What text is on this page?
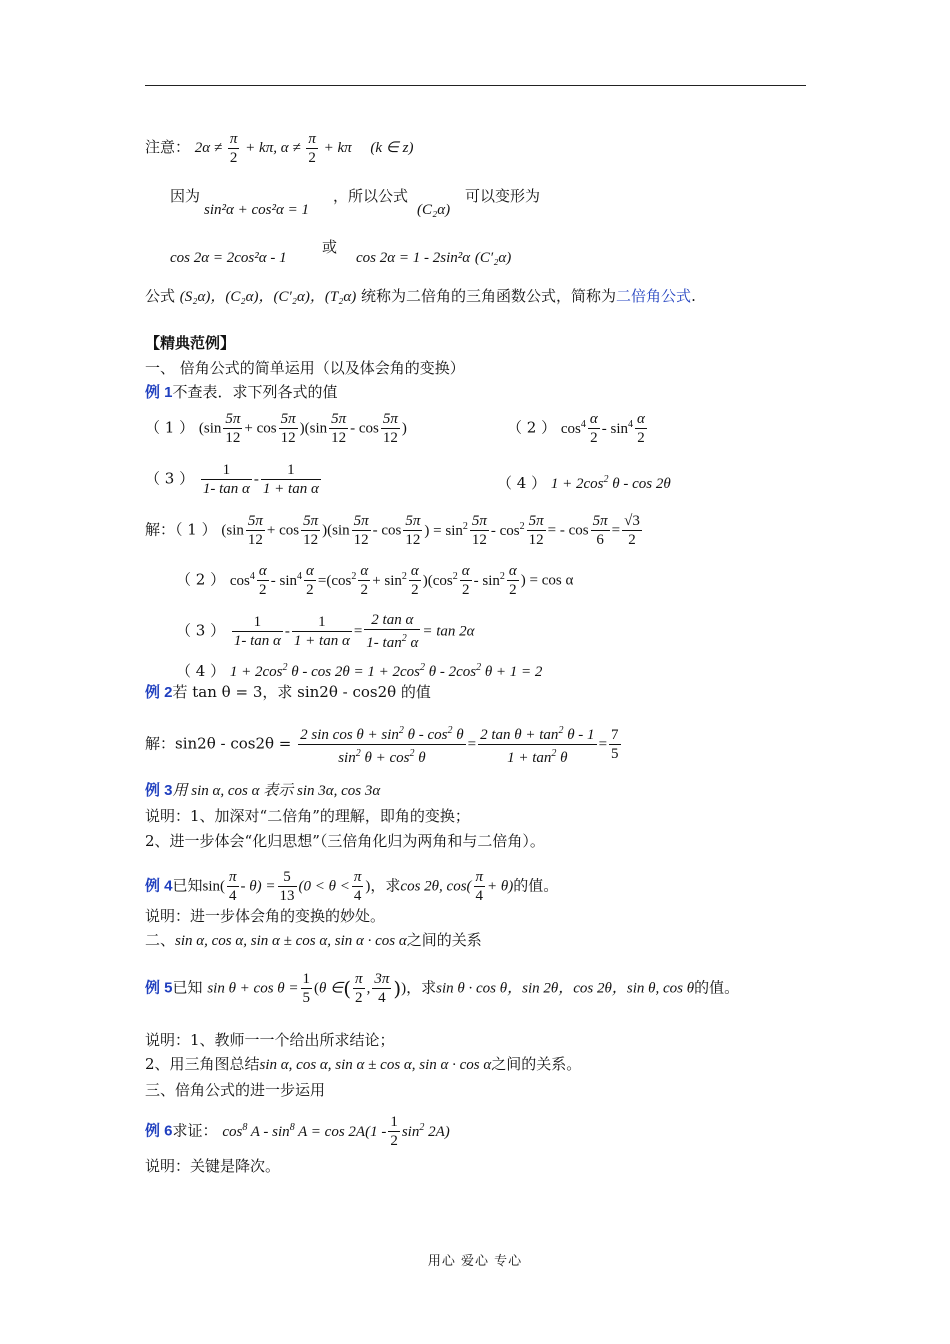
注意： $2\alpha \ne \frac{\pi}{2} + k\pi$, $\alpha \ne \frac{\pi}{2} + k\pi$ (k ∈ z)
因为
sin²α + cos²α = 1
，所以公式
(C₂α)
可以变形为
cos 2α = 2cos²α - 1
或
cos 2α = 1 - 2sin²α (C′₂α)
公式 (S₂α)，(C₂α)，(C′₂α)，(T₂α) 统称为二倍角的三角函数公式，简称为二倍角公式.
【精典范例】
一、 倍角公式的简单运用（以及体会角的变换）
例 1不查表．求下列各式的值
（ 1 ） $(\sin \frac{5\pi}{12} + \cos \frac{5\pi}{12} )(\sin \frac{5\pi}{12} - \cos \frac{5\pi}{12}$ )	（ 2 ） $\cos^4 \frac{\alpha}{2} - \sin^4 \frac{\alpha}{2}$
（ 3 ） $\frac{1}{\text{1- tan α}} - \frac{1}{\text{1 + tan α}}$	（ 4 ） $1 + 2\cos^2$ θ - cos 2θ
解：（ 1 ） $(\sin \frac{5\pi}{12} + \cos \frac{5\pi}{12} )(\sin \frac{5\pi}{12} - \cos \frac{5\pi}{12}$ ) = $\sin^2 \frac{5\pi}{12} - \cos^2 \frac{5\pi}{12}$ = - $\cos \frac{5\pi}{6} = \frac{√3}{2}$
（ 2 ） $\cos^4 \frac{\alpha}{2} - \sin^4 \frac{\alpha}{2} =(\cos^2 \frac{\alpha}{2} + \sin^2 \frac{\alpha}{2} )(\cos^2 \frac{\alpha}{2} - \sin^2 \frac{\alpha}{2}$ ) = cos α
（ 3 ） $\frac{1}{\text{1- tan α}} - \frac{1}{\text{1 + tan α}} = \frac{\text{2 tan α}}{1- \tan^2 \alpha} = \tan 2\alpha$
（ 4 ） $1 + 2\cos^2$ $\theta - \cos 2\theta = 1 + 2\cos^2$ θ - $2\cos^2$ θ + 1 = 2
例 2若 tan θ = 3，求 sin2θ - cos2θ 的值
解：$\sin 2\theta - \cos 2\theta = \frac{2 \sin \cos \theta + \sin^2 \theta - \cos^2 \theta}{\sin^2 \theta + \cos^2 \theta} = \frac{2 \tan \theta + \tan^2 \theta - 1}{1 + \tan^2 \theta} = \frac{7}{5}$
例 3用 sin α, cos α 表示 sin 3α, cos 3α
说明：1、加深对“二倍角”的理解，即角的变换；
2、进一步体会“化归思想”（三倍角化归为两角和与二倍角）。
例 4已知$\sin( \frac{\pi}{4} - \theta) = \frac{5}{13} (0 < \theta < \frac{\pi}{4}$ )，求cos 2θ, $\cos( \frac{\pi}{4} + \theta)$的值。
说明：进一步体会角的变换的妙处。
二、sin α, cos α, sin α ± cos α, sin α · cos α之间的关系
例 5已知 $\sin \theta + \cos \theta = \frac{1}{5} (\theta$ ∈( $\frac{\pi}{2}$ , $\frac{3\pi}{4}$ ))，求sin θ · cos θ，sin 2θ，cos 2θ，sin θ, cos θ的值。
说明：1、教师一一个给出所求结论；
2、用三角图总结sin α, cos α, sin α ± cos α, sin α · cos α之间的关系。
三、倍角公式的进一步运用
例 6求证： $\cos^8 A - \sin^8 A = \cos 2A(1 - \frac{1}{2} \sin^2 2A)$
说明：关键是降次。
用心 爱心 专心
